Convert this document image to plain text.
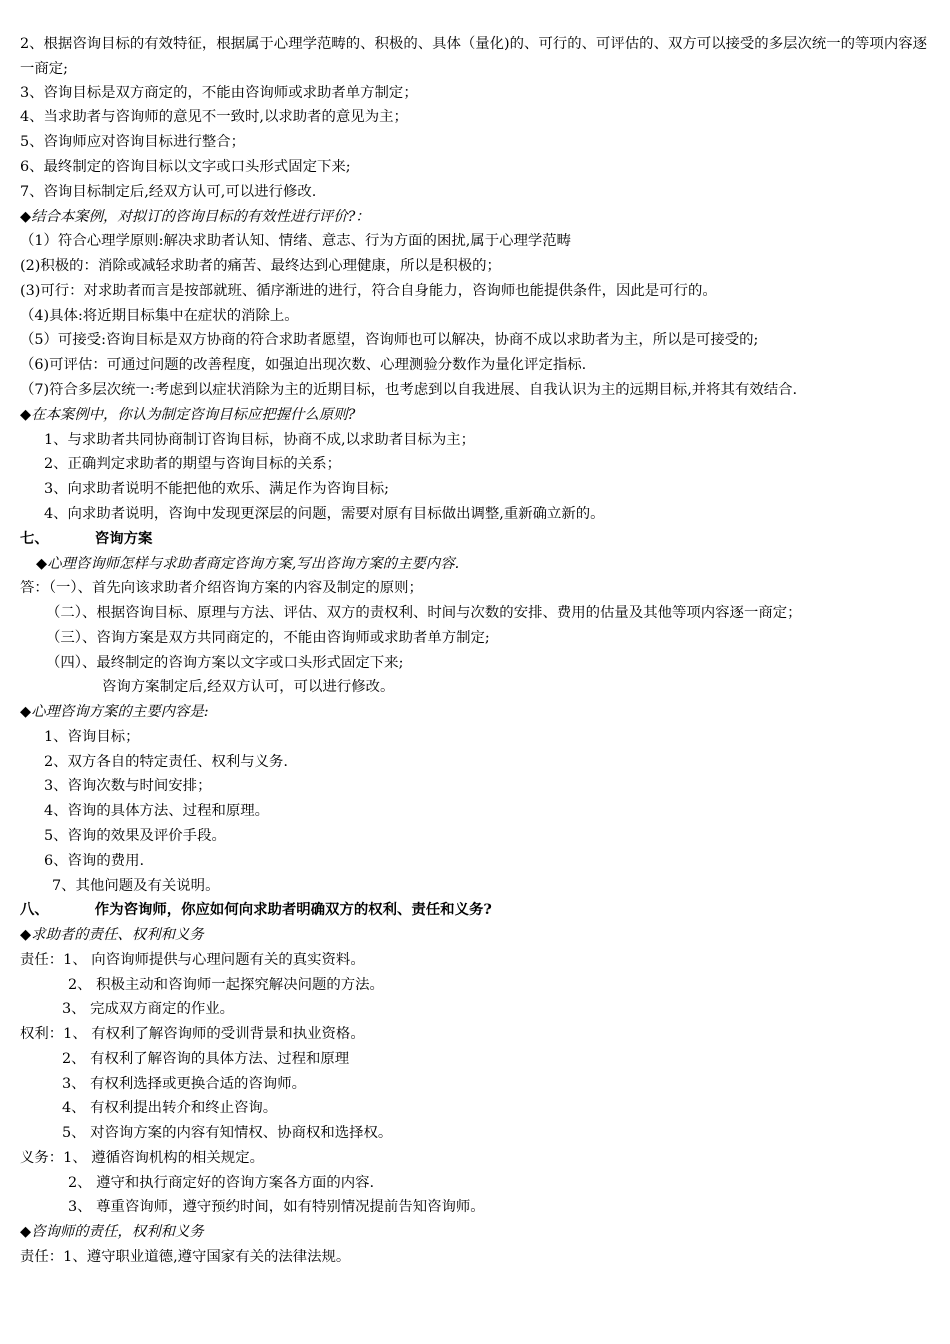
2、根据咨询目标的有效特征，根据属于心理学范畴的、积极的、具体（量化)的、可行的、可评估的、双方可以接受的多层次统一的等项内容逐一商定;
3、咨询目标是双方商定的，不能由咨询师或求助者单方制定；
4、当求助者与咨询师的意见不一致时,以求助者的意见为主；
5、咨询师应对咨询目标进行整合；
6、最终制定的咨询目标以文字或口头形式固定下来;
7、咨询目标制定后,经双方认可,可以进行修改.
◆结合本案例，对拟订的咨询目标的有效性进行评价?：
（1）符合心理学原则:解决求助者认知、情绪、意志、行为方面的困扰,属于心理学范畴
(2)积极的：消除或减轻求助者的痛苦、最终达到心理健康，所以是积极的；
(3)可行：对求助者而言是按部就班、循序渐进的进行，符合自身能力，咨询师也能提供条件，因此是可行的。
（4)具体:将近期目标集中在症状的消除上。
（5）可接受:咨询目标是双方协商的符合求助者愿望，咨询师也可以解决，协商不成以求助者为主，所以是可接受的;
（6)可评估：可通过问题的改善程度，如强迫出现次数、心理测验分数作为量化评定指标.
（7)符合多层次统一:考虑到以症状消除为主的近期目标，也考虑到以自我进展、自我认识为主的远期目标,并将其有效结合.
◆在本案例中，你认为制定咨询目标应把握什么原则?
1、与求助者共同协商制订咨询目标，协商不成,以求助者目标为主；
2、正确判定求助者的期望与咨询目标的关系；
3、向求助者说明不能把他的欢乐、满足作为咨询目标;
4、向求助者说明，咨询中发现更深层的问题，需要对原有目标做出调整,重新确立新的。
七、	咨询方案
◆心理咨询师怎样与求助者商定咨询方案,写出咨询方案的主要内容.
答：（一）、首先向该求助者介绍咨询方案的内容及制定的原则；
（二）、根据咨询目标、原理与方法、评估、双方的责权利、时间与次数的安排、费用的估量及其他等项内容逐一商定；
（三）、咨询方案是双方共同商定的，不能由咨询师或求助者单方制定;
（四）、最终制定的咨询方案以文字或口头形式固定下来;
咨询方案制定后,经双方认可，可以进行修改。
◆心理咨询方案的主要内容是:
1、咨询目标；
2、双方各自的特定责任、权利与义务.
3、咨询次数与时间安排；
4、咨询的具体方法、过程和原理。
5、咨询的效果及评价手段。
6、咨询的费用.
7、其他问题及有关说明。
八、	作为咨询师，你应如何向求助者明确双方的权利、责任和义务?
◆求助者的责任、权利和义务
责任：1、 向咨询师提供与心理问题有关的真实资料。
2、 积极主动和咨询师一起探究解决问题的方法。
3、 完成双方商定的作业。
权利：1、 有权利了解咨询师的受训背景和执业资格。
2、 有权利了解咨询的具体方法、过程和原理
3、 有权利选择或更换合适的咨询师。
4、 有权利提出转介和终止咨询。
5、 对咨询方案的内容有知情权、协商权和选择权。
义务：1、 遵循咨询机构的相关规定。
2、 遵守和执行商定好的咨询方案各方面的内容.
3、 尊重咨询师，遵守预约时间，如有特别情况提前告知咨询师。
◆咨询师的责任，权利和义务
责任：1、遵守职业道德,遵守国家有关的法律法规。
